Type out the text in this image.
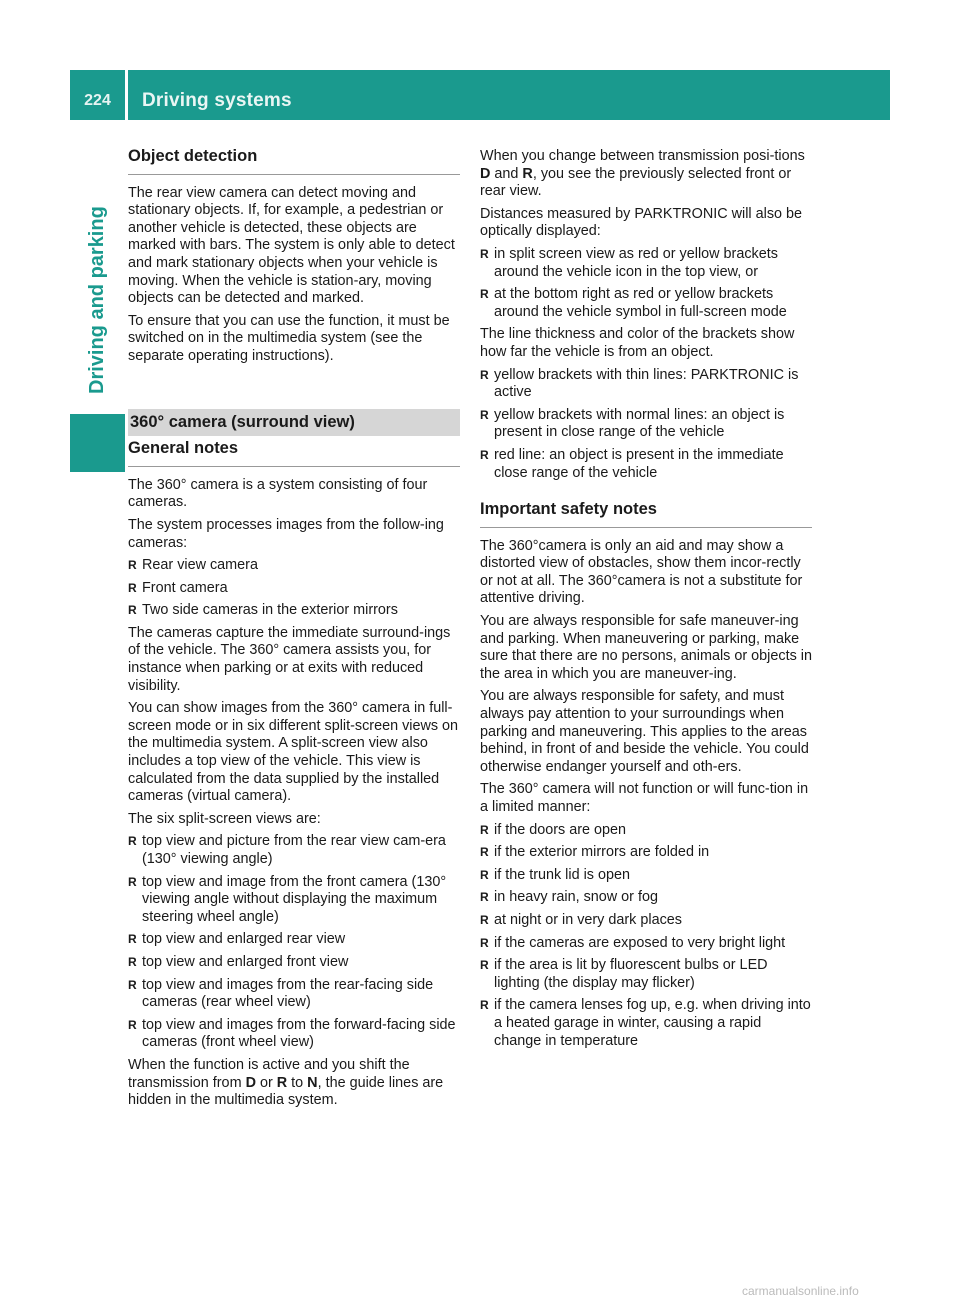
224	Driving systems
Driving and parking
Object detection

The rear view camera can detect moving and stationary objects. If, for example, a pedestrian or another vehicle is detected, these objects are marked with bars. The system is only able to detect and mark stationary objects when your vehicle is moving. When the vehicle is station-ary, moving objects can be detected and marked.

To ensure that you can use the function, it must be switched on in the multimedia system (see the separate operating instructions).

360° camera (surround view)
General notes

The 360° camera is a system consisting of four cameras.

The system processes images from the follow-ing cameras:

R Rear view camera
R Front camera
R Two side cameras in the exterior mirrors

The cameras capture the immediate surround-ings of the vehicle. The 360° camera assists you, for instance when parking or at exits with reduced visibility.

You can show images from the 360° camera in full-screen mode or in six different split-screen views on the multimedia system. A split-screen view also includes a top view of the vehicle. This view is calculated from the data supplied by the installed cameras (virtual camera).

The six split-screen views are:

R top view and picture from the rear view cam-era (130° viewing angle)
R top view and image from the front camera (130° viewing angle without displaying the maximum steering wheel angle)
R top view and enlarged rear view
R top view and enlarged front view
R top view and images from the rear-facing side cameras (rear wheel view)
R top view and images from the forward-facing side cameras (front wheel view)

When the function is active and you shift the transmission from D or R to N, the guide lines are hidden in the multimedia system.

When you change between transmission posi-tions D and R, you see the previously selected front or rear view.

Distances measured by PARKTRONIC will also be optically displayed:

R in split screen view as red or yellow brackets around the vehicle icon in the top view, or
R at the bottom right as red or yellow brackets around the vehicle symbol in full-screen mode

The line thickness and color of the brackets show how far the vehicle is from an object.

R yellow brackets with thin lines: PARKTRONIC is active
R yellow brackets with normal lines: an object is present in close range of the vehicle
R red line: an object is present in the immediate close range of the vehicle
Important safety notes

The 360°camera is only an aid and may show a distorted view of obstacles, show them incor-rectly or not at all. The 360°camera is not a substitute for attentive driving.

You are always responsible for safe maneuver-ing and parking. When maneuvering or parking, make sure that there are no persons, animals or objects in the area in which you are maneuver-ing.

You are always responsible for safety, and must always pay attention to your surroundings when parking and maneuvering. This applies to the areas behind, in front of and beside the vehicle. You could otherwise endanger yourself and oth-ers.

The 360° camera will not function or will func-tion in a limited manner:

R if the doors are open
R if the exterior mirrors are folded in
R if the trunk lid is open
R in heavy rain, snow or fog
R at night or in very dark places
R if the cameras are exposed to very bright light
R if the area is lit by fluorescent bulbs or LED lighting (the display may flicker)
R if the camera lenses fog up, e.g. when driving into a heated garage in winter, causing a rapid change in temperature
carmanualsonline.info
